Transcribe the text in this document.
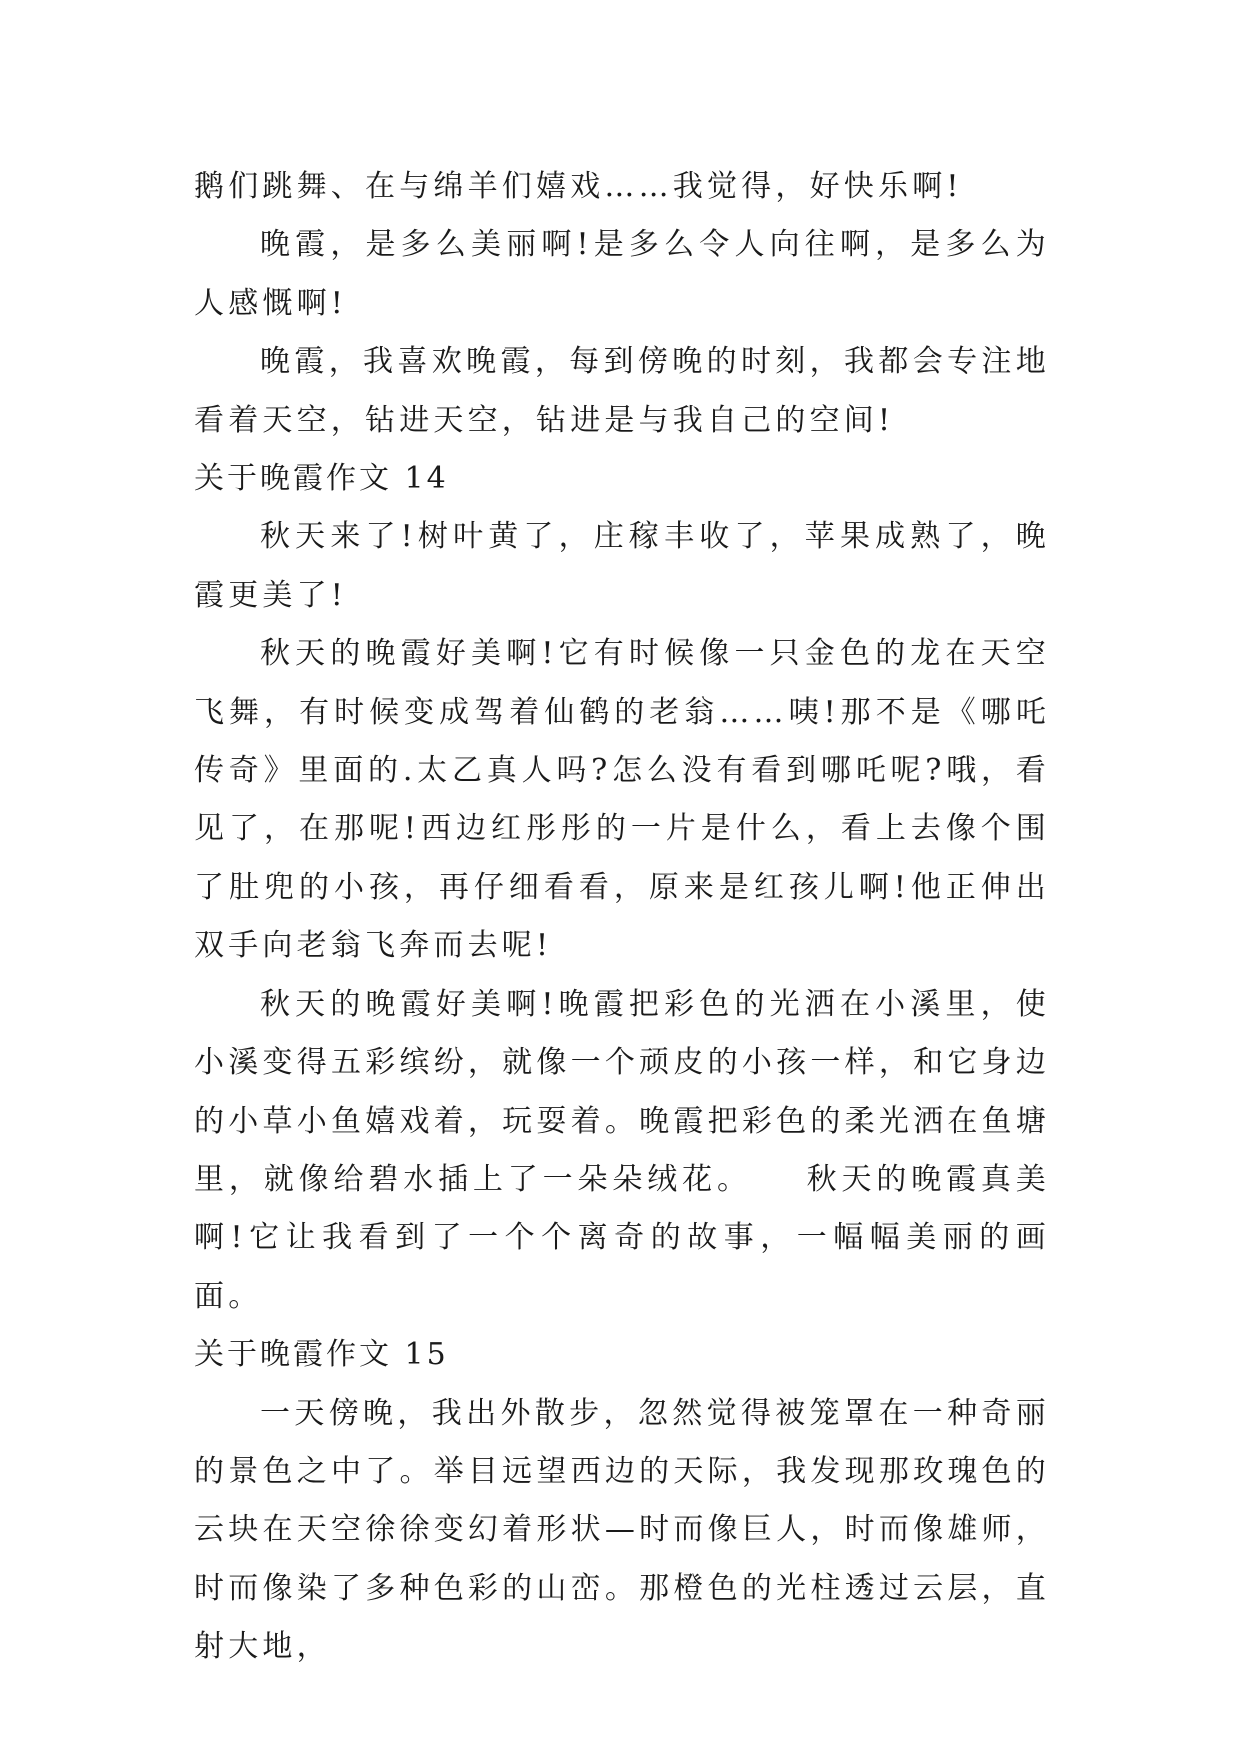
鹅们跳舞、在与绵羊们嬉戏……我觉得，好快乐啊!

晚霞，是多么美丽啊!是多么令人向往啊，是多么为人感慨啊!

晚霞，我喜欢晚霞，每到傍晚的时刻，我都会专注地看着天空，钻进天空，钻进是与我自己的空间!

关于晚霞作文 14

秋天来了!树叶黄了，庄稼丰收了，苹果成熟了，晚霞更美了!

秋天的晚霞好美啊!它有时候像一只金色的龙在天空飞舞，有时候变成驾着仙鹤的老翁……咦!那不是《哪吒传奇》里面的.太乙真人吗?怎么没有看到哪吒呢?哦，看见了，在那呢!西边红彤彤的一片是什么，看上去像个围了肚兜的小孩，再仔细看看，原来是红孩儿啊!他正伸出双手向老翁飞奔而去呢!

秋天的晚霞好美啊!晚霞把彩色的光洒在小溪里，使小溪变得五彩缤纷，就像一个顽皮的小孩一样，和它身边的小草小鱼嬉戏着，玩耍着。晚霞把彩色的柔光洒在鱼塘里，就像给碧水插上了一朵朵绒花。　　秋天的晚霞真美啊!它让我看到了一个个离奇的故事，一幅幅美丽的画面。

关于晚霞作文 15

一天傍晚，我出外散步，忽然觉得被笼罩在一种奇丽的景色之中了。举目远望西边的天际，我发现那玫瑰色的云块在天空徐徐变幻着形状—时而像巨人，时而像雄师，时而像染了多种色彩的山峦。那橙色的光柱透过云层，直射大地，
